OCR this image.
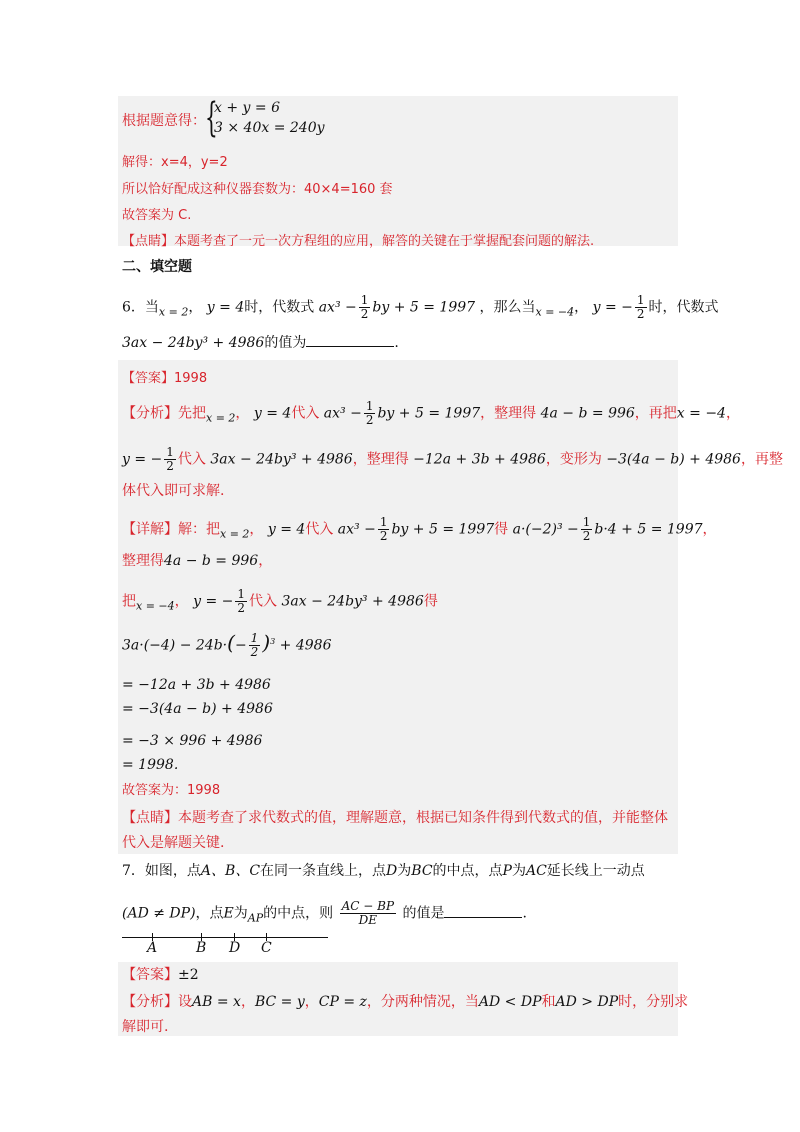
根据题意得： {
x + y = 6
3 × 40x = 240y
解得：x=4，y=2
所以恰好配成这种仪器套数为：40×4=160 套
故答案为 C.
【点睛】本题考查了一元一次方程组的应用，解答的关键在于掌握配套问题的解法.
二、填空题
6．当$_{x = 2}$， y = 4时，代数式 $ax^3 - \frac{1}{2}$ by + 5 = 1997 ，那么当$_{x = -4}$， y = − $\frac{1}{2}$ 时，代数式
3ax − 24by³ + 4986的值为	.
【答案】1998
【分析】先把$_{x = 2}$， y = 4代入 $ax^3 - \frac{1}{2}$ by + 5 = 1997，整理得 4a − b = 996，再把x = −4，
y = − $\frac{1}{2}$ 代入 3ax − 24by³ + 4986，整理得 −12a + 3b + 4986，变形为 −3(4a − b) + 4986，再整
体代入即可求解.
【详解】解：把$_{x = 2}$， y = 4代入 $ax^3 - \frac{1}{2}$ by + 5 = 1997得 $a\cdot(-2)^3 - \frac{1}{2} b\cdot 4 + 5 = 1997$，
整理得4a − b = 996，
把$_{x = -4}$， y = − $\frac{1}{2}$ 代入 3ax − 24by³ + 4986得
$3a\cdot(-4) - 24b\cdot(- \frac{1}{2} )^3 + 4986$
= −12a + 3b + 4986
= −3(4a − b) + 4986
= −3 × 996 + 4986
= 1998.
故答案为：1998
【点睛】本题考查了求代数式的值，理解题意，根据已知条件得到代数式的值，并能整体
代入是解题关键.
7．如图，点A、B、C在同一条直线上，点D为BC的中点，点P为AC延长线上一动点
(AD ≠ DP)，点E为$_{AP}$的中点，则 $\frac{AC - BP}{DE}$ 的值是	.
A	B D C
【答案】±2
【分析】设AB = x，BC = y，CP = z，分两种情况，当AD < DP和AD > DP时，分别求
解即可.
